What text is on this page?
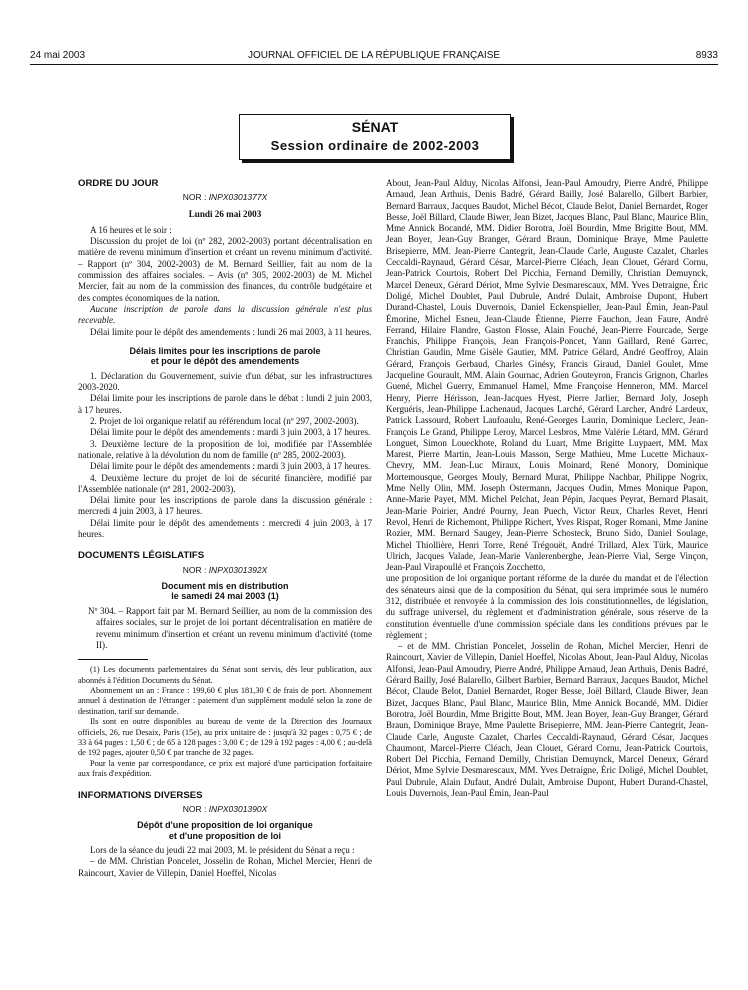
24 mai 2003	JOURNAL OFFICIEL DE LA RÉPUBLIQUE FRANÇAISE	8933
SÉNAT
Session ordinaire de 2002-2003

ORDRE DU JOUR

NOR : INPX0301377X

Lundi 26 mai 2003

A 16 heures et le soir :

Discussion du projet de loi (nº 282, 2002-2003) portant décentralisation en matière de revenu minimum d'insertion et créant un revenu minimum d'activité. – Rapport (nº 304, 2002-2003) de M. Bernard Seillier, fait au nom de la commission des affaires sociales. – Avis (nº 305, 2002-2003) de M. Michel Mercier, fait au nom de la commission des finances, du contrôle budgétaire et des comptes économiques de la nation.

Aucune inscription de parole dans la discussion générale n'est plus recevable.

Délai limite pour le dépôt des amendements : lundi 26 mai 2003, à 11 heures.

Délais limites pour les inscriptions de parole
et pour le dépôt des amendements

1. Déclaration du Gouvernement, suivie d'un débat, sur les infrastructures 2003-2020.

Délai limite pour les inscriptions de parole dans le débat : lundi 2 juin 2003, à 17 heures.

2. Projet de loi organique relatif au référendum local (nº 297, 2002-2003).

Délai limite pour le dépôt des amendements : mardi 3 juin 2003, à 17 heures.

3. Deuxième lecture de la proposition de loi, modifiée par l'Assemblée nationale, relative à la dévolution du nom de famille (nº 285, 2002-2003).

Délai limite pour le dépôt des amendements : mardi 3 juin 2003, à 17 heures.

4. Deuxième lecture du projet de loi de sécurité financière, modifié par l'Assemblée nationale (nº 281, 2002-2003).

Délai limite pour les inscriptions de parole dans la discussion générale : mercredi 4 juin 2003, à 17 heures.

Délai limite pour le dépôt des amendements : mercredi 4 juin 2003, à 17 heures.

DOCUMENTS LÉGISLATIFS

NOR : INPX0301392X

Document mis en distribution
le samedi 24 mai 2003 (1)

Nº 304. – Rapport fait par M. Bernard Seillier, au nom de la commission des affaires sociales, sur le projet de loi portant décentralisation en matière de revenu minimum d'insertion et créant un revenu minimum d'activité (tome II).

(1) Les documents parlementaires du Sénat sont servis, dès leur publication, aux abonnés à l'édition Documents du Sénat.

Abonnement un an : France : 199,60 € plus 181,30 € de frais de port. Abonnement annuel à destination de l'étranger : paiement d'un supplément modulé selon la zone de destination, tarif sur demande.

Ils sont en outre disponibles au bureau de vente de la Direction des Journaux officiels, 26, rue Desaix, Paris (15e), au prix unitaire de : jusqu'à 32 pages : 0,75 € ; de 33 à 64 pages : 1,50 € ; de 65 à 128 pages : 3,00 € ; de 129 à 192 pages : 4,00 € ; au-delà de 192 pages, ajouter 0,50 € par tranche de 32 pages.

Pour la vente par correspondance, ce prix est majoré d'une participation forfaitaire aux frais d'expédition.

INFORMATIONS DIVERSES

NOR : INPX0301390X

Dépôt d'une proposition de loi organique
et d'une proposition de loi

Lors de la séance du jeudi 22 mai 2003, M. le président du Sénat a reçu :

– de MM. Christian Poncelet, Josselin de Rohan, Michel Mercier, Henri de Raincourt, Xavier de Villepin, Daniel Hoeffel, Nicolas

About, Jean-Paul Alduy, Nicolas Alfonsi, Jean-Paul Amoudry, Pierre André, Philippe Arnaud, Jean Arthuis, Denis Badré, Gérard Bailly, José Balarello, Gilbert Barbier, Bernard Barraux, Jacques Baudot, Michel Bécot, Claude Belot, Daniel Bernardet, Roger Besse, Joël Billard, Claude Biwer, Jean Bizet, Jacques Blanc, Paul Blanc, Maurice Blin, Mme Annick Bocandé, MM. Didier Borotra, Joël Bourdin, Mme Brigitte Bout, MM. Jean Boyer, Jean-Guy Branger, Gérard Braun, Dominique Braye, Mme Paulette Brisepierre, MM. Jean-Pierre Cantegrit, Jean-Claude Carle, Auguste Cazalet, Charles Ceccaldi-Raynaud, Gérard César, Marcel-Pierre Cléach, Jean Clouet, Gérard Cornu, Jean-Patrick Courtois, Robert Del Picchia, Fernand Demilly, Christian Demuynck, Marcel Deneux, Gérard Dériot, Mme Sylvie Desmarescaux, MM. Yves Detraigne, Éric Doligé, Michel Doublet, Paul Dubrule, André Dulait, Ambroise Dupont, Hubert Durand-Chastel, Louis Duvernois, Daniel Eckenspieller, Jean-Paul Émin, Jean-Paul Émorine, Michel Esneu, Jean-Claude Étienne, Pierre Fauchon, Jean Faure, André Ferrand, Hilaire Flandre, Gaston Flosse, Alain Fouché, Jean-Pierre Fourcade, Serge Franchis, Philippe François, Jean François-Poncet, Yann Gaillard, René Garrec, Christian Gaudin, Mme Gisèle Gautier, MM. Patrice Gélard, André Geoffroy, Alain Gérard, François Gerbaud, Charles Ginésy, Francis Giraud, Daniel Goulet, Mme Jacqueline Gourault, MM. Alain Gournac, Adrien Gouteyron, Francis Grignon, Charles Guené, Michel Guerry, Emmanuel Hamel, Mme Françoise Henneron, MM. Marcel Henry, Pierre Hérisson, Jean-Jacques Hyest, Pierre Jarlier, Bernard Joly, Joseph Kerguéris, Jean-Philippe Lachenaud, Jacques Larché, Gérard Larcher, André Lardeux, Patrick Lassourd, Robert Laufoaulu, René-Georges Laurin, Dominique Leclerc, Jean-François Le Grand, Philippe Leroy, Marcel Lesbros, Mme Valérie Létard, MM. Gérard Longuet, Simon Loueckhote, Roland du Luart, Mme Brigitte Luypaert, MM. Max Marest, Pierre Martin, Jean-Louis Masson, Serge Mathieu, Mme Lucette Michaux-Chevry, MM. Jean-Luc Miraux, Louis Moinard, René Monory, Dominique Mortemousque, Georges Mouly, Bernard Murat, Philippe Nachbar, Philippe Nogrix, Mme Nelly Olin, MM. Joseph Ostermann, Jacques Oudin, Mmes Monique Papon, Anne-Marie Payet, MM. Michel Pelchat, Jean Pépin, Jacques Peyrat, Bernard Plasait, Jean-Marie Poirier, André Pourny, Jean Puech, Victor Reux, Charles Revet, Henri Revol, Henri de Richemont, Philippe Richert, Yves Rispat, Roger Romani, Mme Janine Rozier, MM. Bernard Saugey, Jean-Pierre Schosteck, Bruno Sido, Daniel Soulage, Michel Thiollière, Henri Torre, René Trégouët, André Trillard, Alex Türk, Maurice Ulrich, Jacques Valade, Jean-Marie Vanlerenberghe, Jean-Pierre Vial, Serge Vinçon, Jean-Paul Virapoullé et François Zocchetto,

une proposition de loi organique portant réforme de la durée du mandat et de l'élection des sénateurs ainsi que de la composition du Sénat, qui sera imprimée sous le numéro 312, distribuée et renvoyée à la commission des lois constitutionnelles, de législation, du suffrage universel, du règlement et d'administration générale, sous réserve de la constitution éventuelle d'une commission spéciale dans les conditions prévues par le règlement ;

– et de MM. Christian Poncelet, Josselin de Rohan, Michel Mercier, Henri de Raincourt, Xavier de Villepin, Daniel Hoeffel, Nicolas About, Jean-Paul Alduy, Nicolas Alfonsi, Jean-Paul Amoudry, Pierre André, Philippe Arnaud, Jean Arthuis, Denis Badré, Gérard Bailly, José Balarello, Gilbert Barbier, Bernard Barraux, Jacques Baudot, Michel Bécot, Claude Belot, Daniel Bernardet, Roger Besse, Joël Billard, Claude Biwer, Jean Bizet, Jacques Blanc, Paul Blanc, Maurice Blin, Mme Annick Bocandé, MM. Didier Borotra, Joël Bourdin, Mme Brigitte Bout, MM. Jean Boyer, Jean-Guy Branger, Gérard Braun, Dominique Braye, Mme Paulette Brisepierre, MM. Jean-Pierre Cantegrit, Jean-Claude Carle, Auguste Cazalet, Charles Ceccaldi-Raynaud, Gérard César, Jacques Chaumont, Marcel-Pierre Cléach, Jean Clouet, Gérard Cornu, Jean-Patrick Courtois, Robert Del Picchia, Fernand Demilly, Christian Demuynck, Marcel Deneux, Gérard Dériot, Mme Sylvie Desmarescaux, MM. Yves Detraigne, Éric Doligé, Michel Doublet, Paul Dubrule, Alain Dufaut, André Dulait, Ambroise Dupont, Hubert Durand-Chastel, Louis Duvernois, Jean-Paul Émin, Jean-Paul
